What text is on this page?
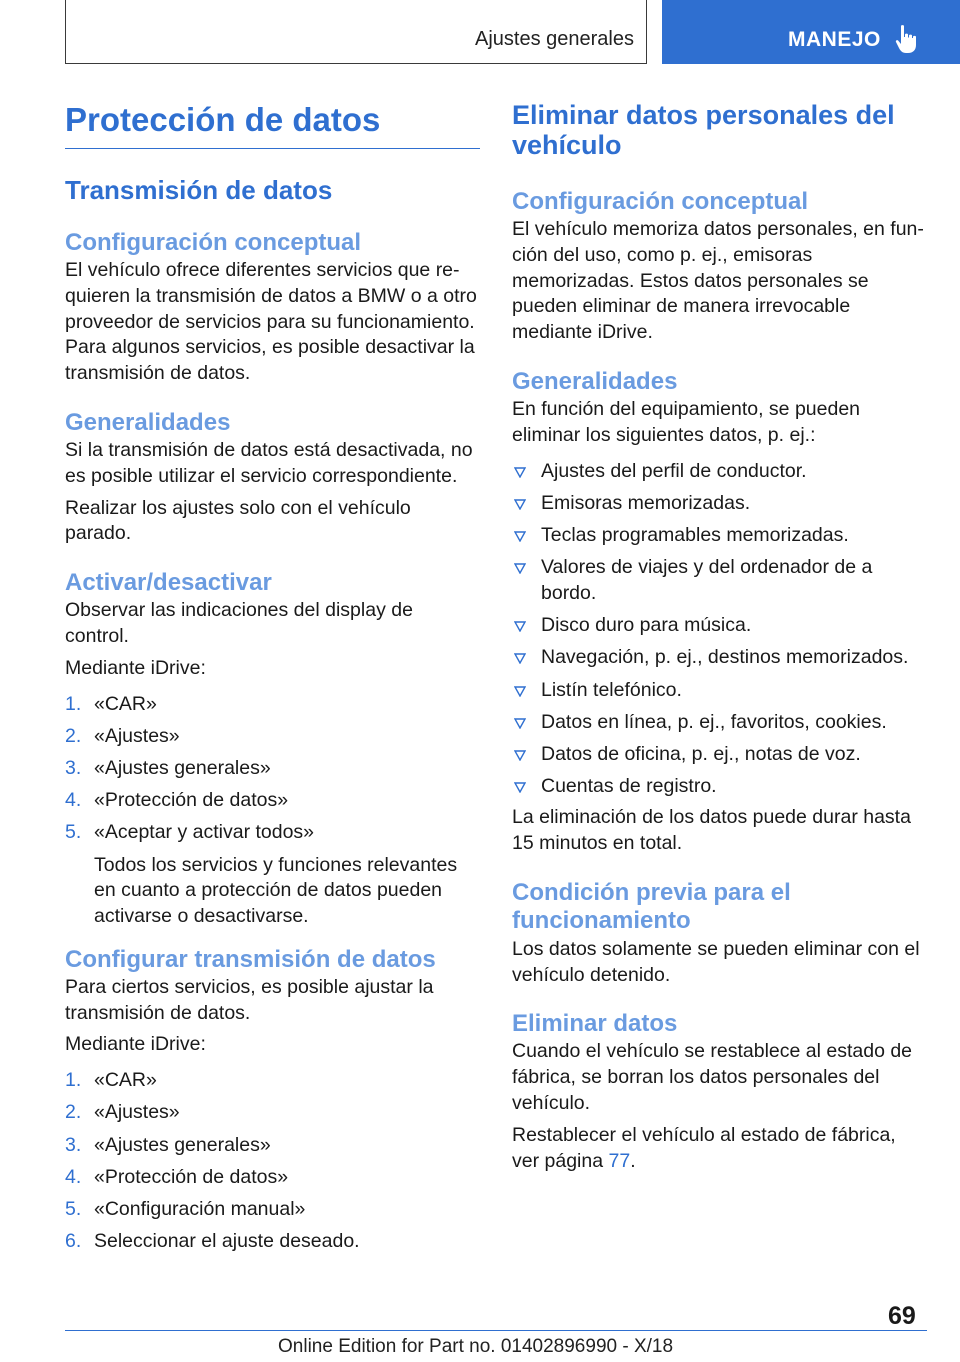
Ajustes generales	MANEJO
Protección de datos
Transmisión de datos
Configuración conceptual

El vehículo ofrece diferentes servicios que requieren la transmisión de datos a BMW o a otro proveedor de servicios para su funcionamiento. Para algunos servicios, es posible desactivar la transmisión de datos.

Generalidades

Si la transmisión de datos está desactivada, no es posible utilizar el servicio correspondiente.

Realizar los ajustes solo con el vehículo parado.

Activar/desactivar

Observar las indicaciones del display de control.

Mediante iDrive:

1. «CAR»
2. «Ajustes»
3. «Ajustes generales»
4. «Protección de datos»
5. «Aceptar y activar todos»
Todos los servicios y funciones relevantes en cuanto a protección de datos pueden activarse o desactivarse.
Configurar transmisión de datos

Para ciertos servicios, es posible ajustar la transmisión de datos.

Mediante iDrive:

1. «CAR»
2. «Ajustes»
3. «Ajustes generales»
4. «Protección de datos»
5. «Configuración manual»
6. Seleccionar el ajuste deseado.
Eliminar datos personales del vehículo
Configuración conceptual

El vehículo memoriza datos personales, en función del uso, como p. ej., emisoras memorizadas. Estos datos personales se pueden eliminar de manera irrevocable mediante iDrive.

Generalidades

En función del equipamiento, se pueden eliminar los siguientes datos, p. ej.:

Ajustes del perfil de conductor.
Emisoras memorizadas.
Teclas programables memorizadas.
Valores de viajes y del ordenador de a bordo.
Disco duro para música.
Navegación, p. ej., destinos memorizados.
Listín telefónico.
Datos en línea, p. ej., favoritos, cookies.
Datos de oficina, p. ej., notas de voz.
Cuentas de registro.

La eliminación de los datos puede durar hasta 15 minutos en total.

Condición previa para el funcionamiento

Los datos solamente se pueden eliminar con el vehículo detenido.

Eliminar datos

Cuando el vehículo se restablece al estado de fábrica, se borran los datos personales del vehículo.

Restablecer el vehículo al estado de fábrica, ver página 77.

69
Online Edition for Part no. 01402896990 - X/18
